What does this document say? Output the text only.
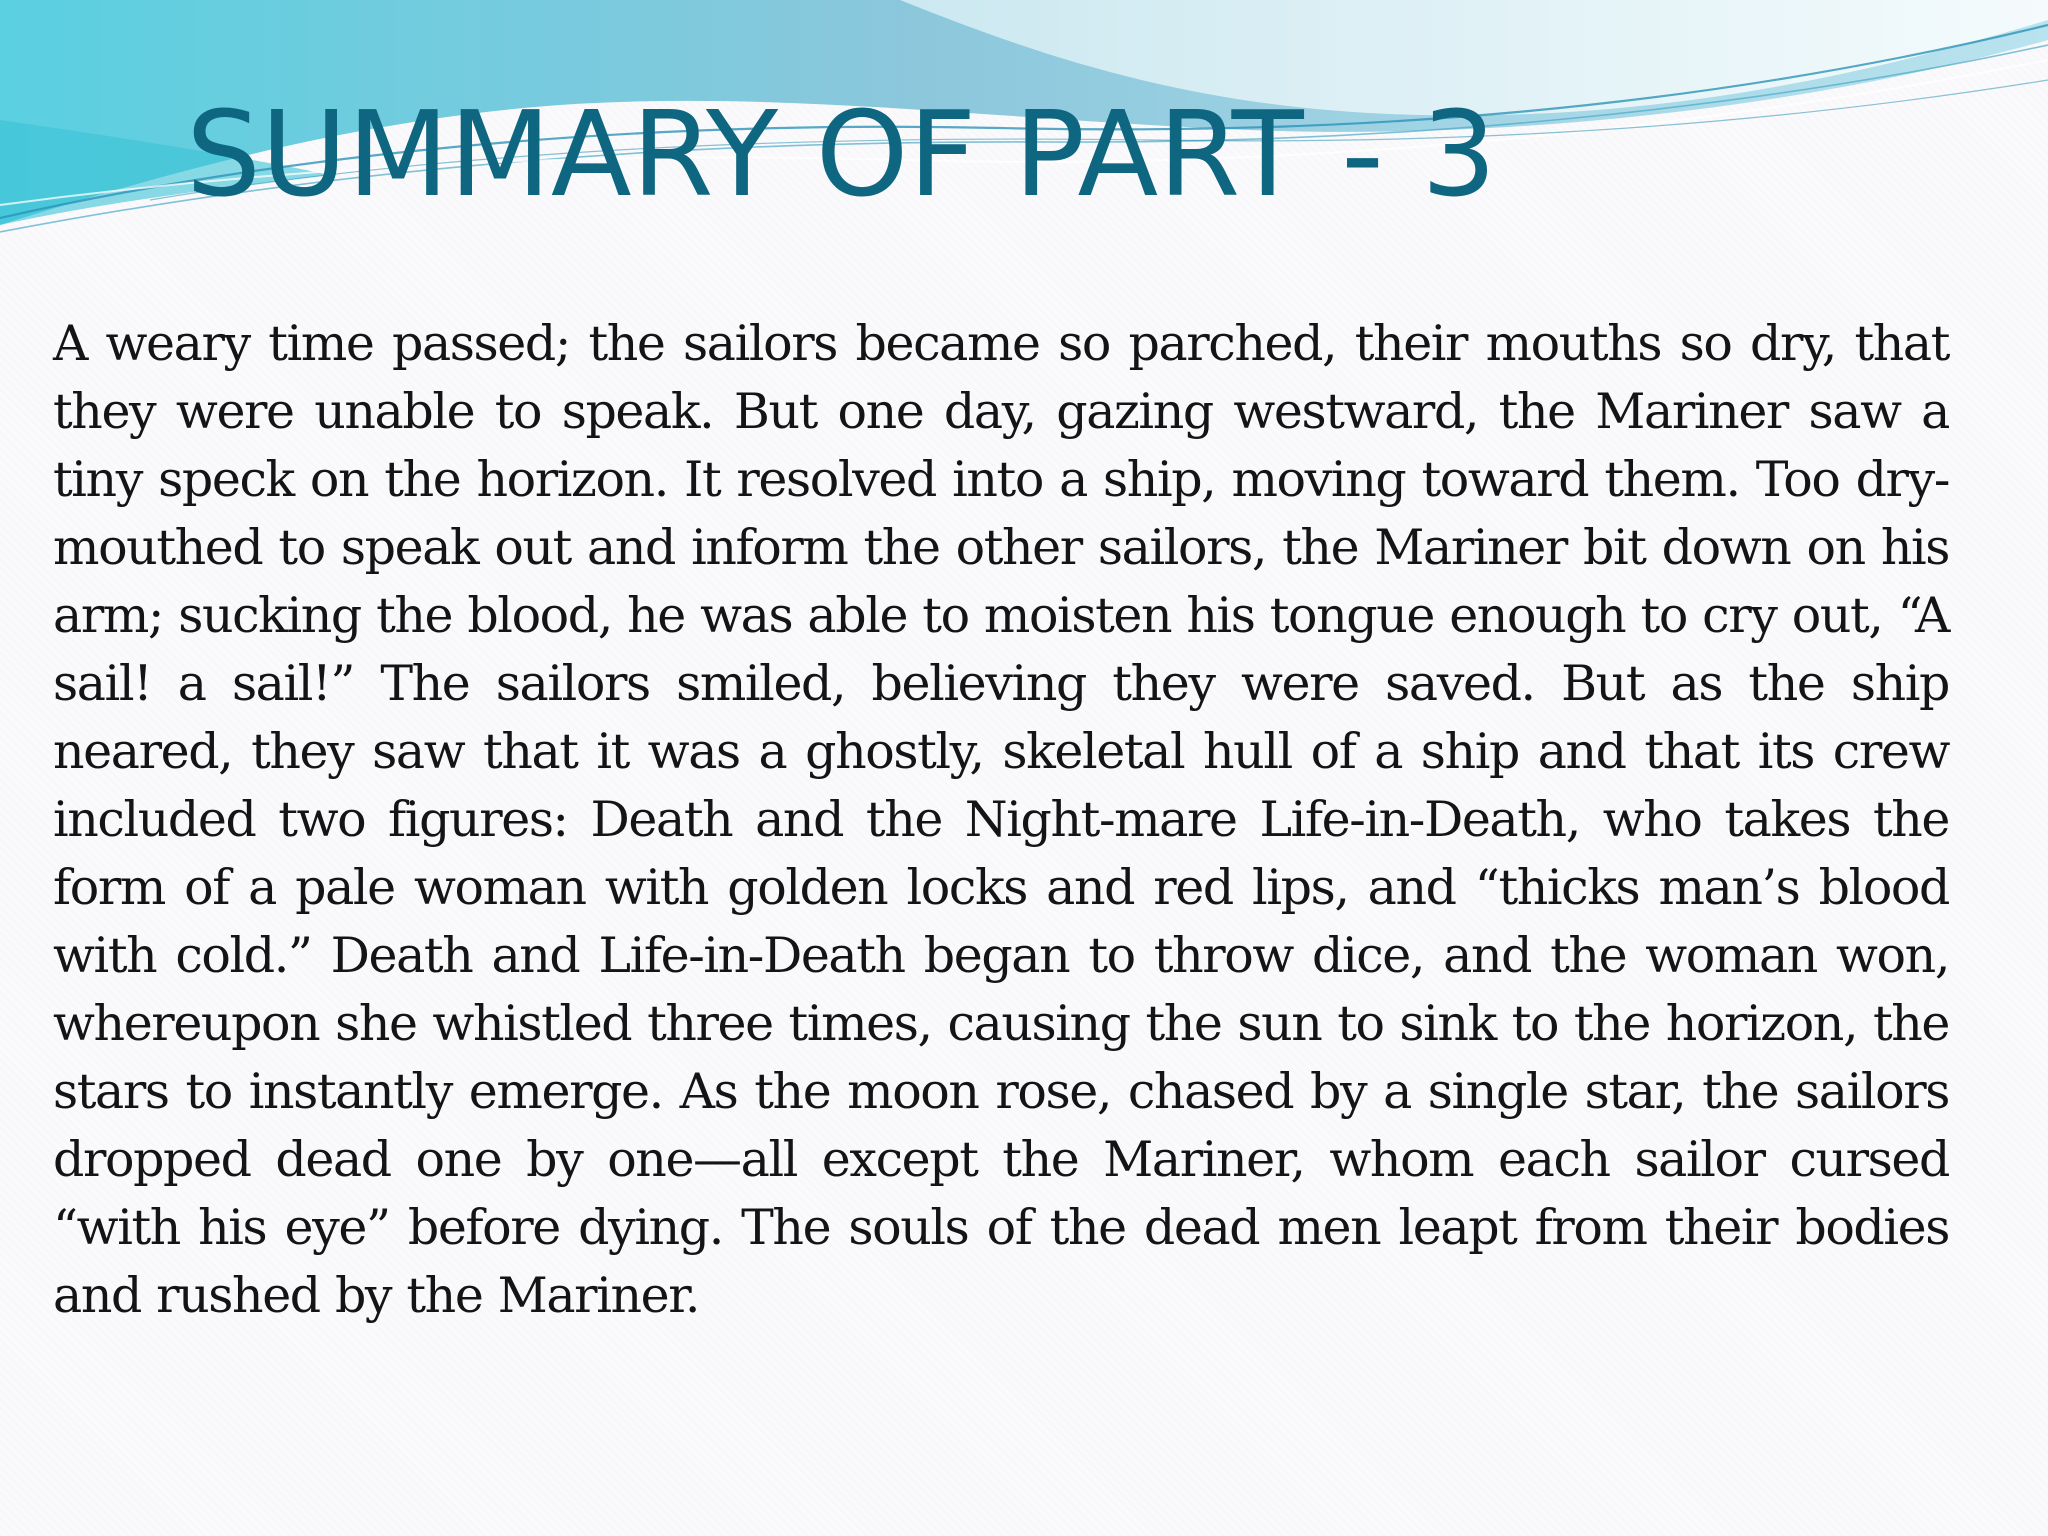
SUMMARY OF PART - 3

A weary time passed; the sailors became so parched, their mouths so dry, that they were unable to speak. But one day, gazing westward, the Mariner saw a tiny speck on the horizon. It resolved into a ship, moving toward them. Too dry-mouthed to speak out and inform the other sailors, the Mariner bit down on his arm; sucking the blood, he was able to moisten his tongue enough to cry out, “A sail! a sail!” The sailors smiled, believing they were saved. But as the ship neared, they saw that it was a ghostly, skeletal hull of a ship and that its crew included two figures: Death and the Night-mare Life-in-Death, who takes the form of a pale woman with golden locks and red lips, and “thicks man’s blood with cold.” Death and Life-in-Death began to throw dice, and the woman won, whereupon she whistled three times, causing the sun to sink to the horizon, the stars to instantly emerge. As the moon rose, chased by a single star, the sailors dropped dead one by one—all except the Mariner, whom each sailor cursed “with his eye” before dying. The souls of the dead men leapt from their bodies and rushed by the Mariner.
